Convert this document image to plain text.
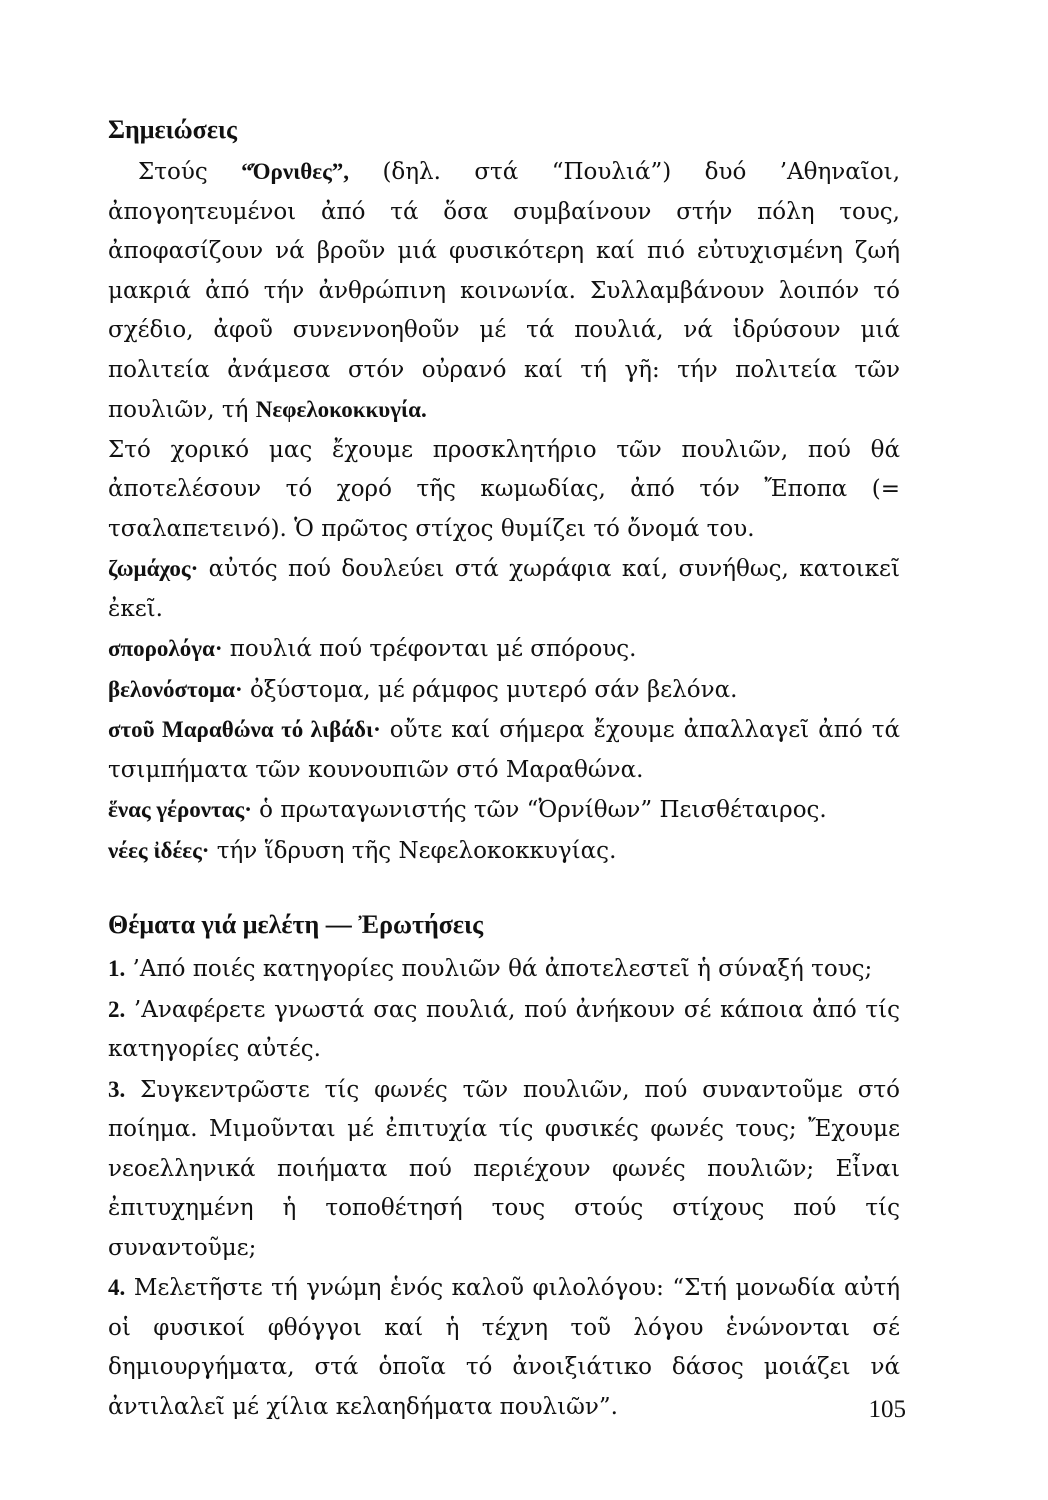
Σημειώσεις

Στούς “Όρνιθες”, (δηλ. στά “Πουλιά”) δυό ’Αθηναῖοι, ἀπογοητευμένοι ἀπό τά ὅσα συμβαίνουν στήν πόλη τους, ἀποφασίζουν νά βροῦν μιά φυσικότερη καί πιό εὐτυχισμένη ζωή μακριά ἀπό τήν ἀνθρώπινη κοινωνία. Συλλαμβάνουν λοιπόν τό σχέδιο, ἀφοῦ συνεννοηθοῦν μέ τά πουλιά, νά ἱδρύσουν μιά πολιτεία ἀνάμεσα στόν οὐρανό καί τή γῆ: τήν πολιτεία τῶν πουλιῶν, τή Νεφελοκοκκυγία.

Στό χορικό μας ἔχουμε προσκλητήριο τῶν πουλιῶν, πού θά ἀποτελέσουν τό χορό τῆς κωμωδίας, ἀπό τόν Ἔποπα (= τσαλαπετεινό). Ὁ πρῶτος στίχος θυμίζει τό ὄνομά του.

ζωμάχος· αὐτός πού δουλεύει στά χωράφια καί, συνήθως, κατοικεῖ ἐκεῖ.

σπορολόγα· πουλιά πού τρέφονται μέ σπόρους.

βελονόστομα· ὀξύστομα, μέ ράμφος μυτερό σάν βελόνα.

στοῦ Μαραθώνα τό λιβάδι· οὔτε καί σήμερα ἔχουμε ἀπαλλαγεῖ ἀπό τά τσιμπήματα τῶν κουνουπιῶν στό Μαραθώνα.

ἕνας γέροντας· ὁ πρωταγωνιστής τῶν “Ὀρνίθων” Πεισθέταιρος.

νέες ἰδέες· τήν ἵδρυση τῆς Νεφελοκοκκυγίας.

Θέματα γιά μελέτη — Ἐρωτήσεις

1. ’Από ποιές κατηγορίες πουλιῶν θά ἀποτελεστεῖ ἡ σύναξή τους;

2. ’Αναφέρετε γνωστά σας πουλιά, πού ἀνήκουν σέ κάποια ἀπό τίς κατηγορίες αὐτές.

3. Συγκεντρῶστε τίς φωνές τῶν πουλιῶν, πού συναντοῦμε στό ποίημα. Μιμοῦνται μέ ἐπιτυχία τίς φυσικές φωνές τους; Ἔχουμε νεοελληνικά ποιήματα πού περιέχουν φωνές πουλιῶν; Εἶναι ἐπιτυχημένη ἡ τοποθέτησή τους στούς στίχους πού τίς συναντοῦμε;

4. Μελετῆστε τή γνώμη ἑνός καλοῦ φιλολόγου: “Στή μονωδία αὐτή οἱ φυσικοί φθόγγοι καί ἡ τέχνη τοῦ λόγου ἑνώνονται σέ δημιουργήματα, στά ὁποῖα τό ἀνοιξιάτικο δάσος μοιάζει νά ἀντιλαλεῖ μέ χίλια κελαηδήματα πουλιῶν”.	105
